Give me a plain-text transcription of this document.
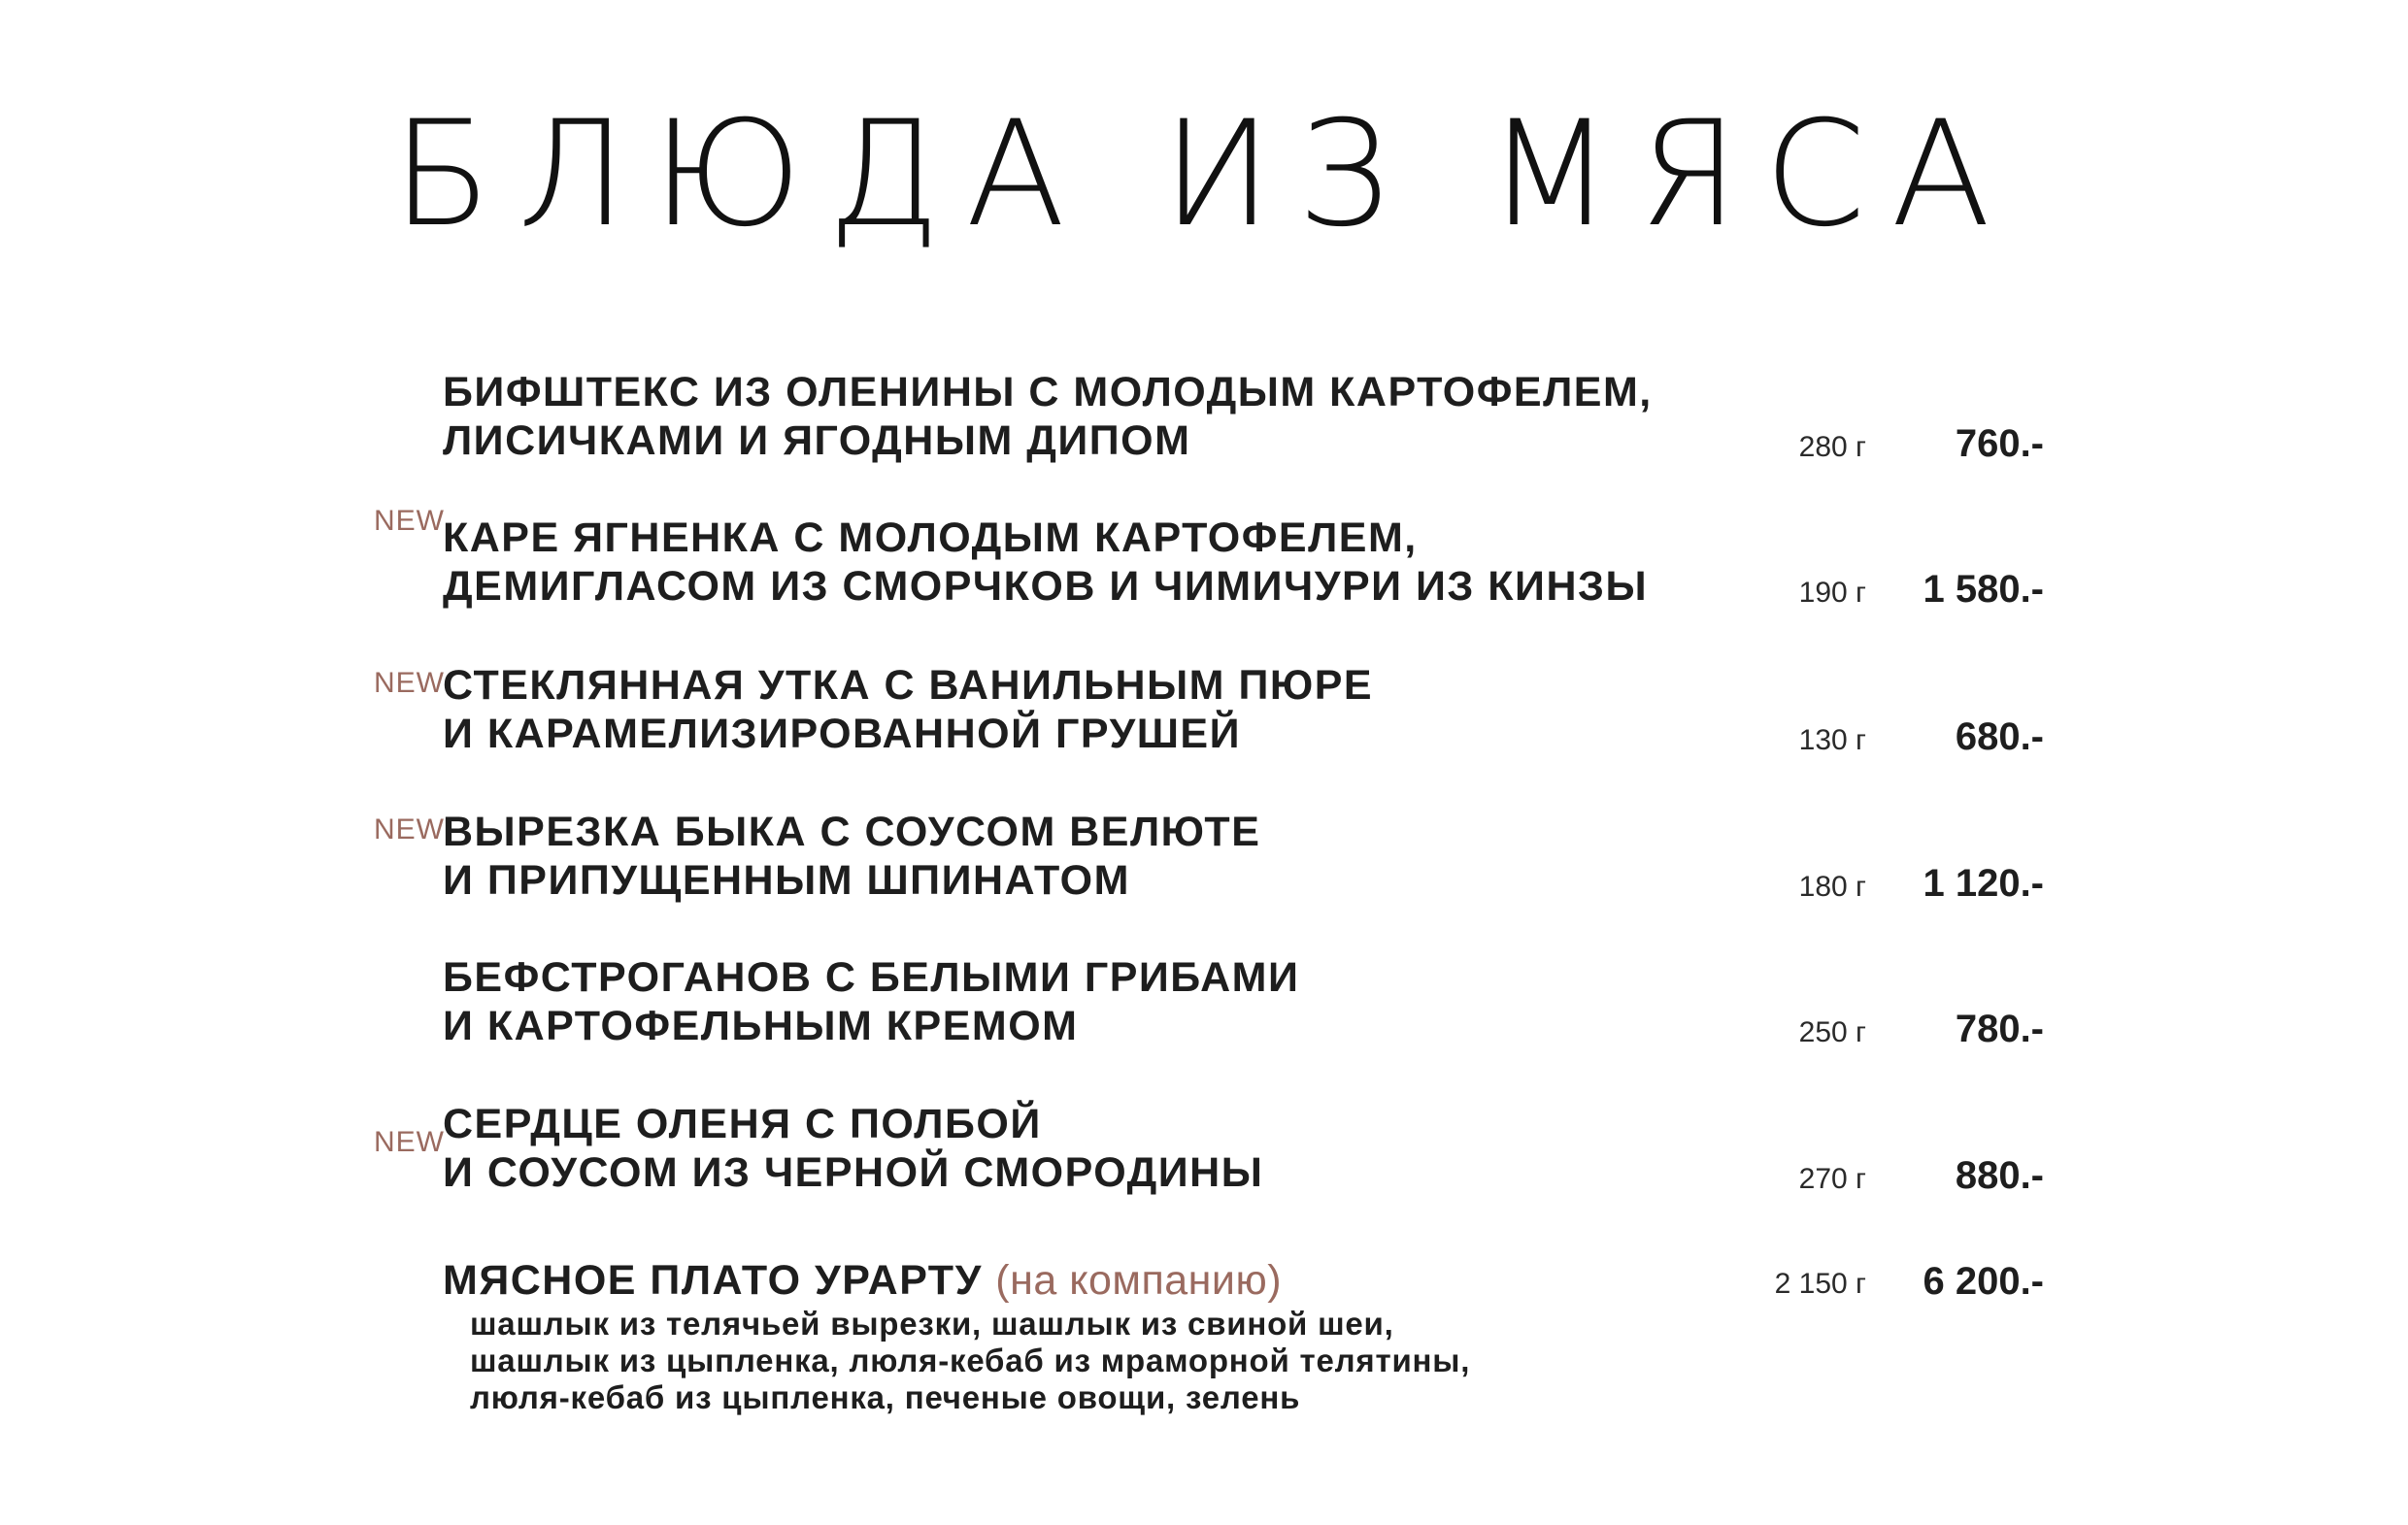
БЛЮДА ИЗ МЯСА
БИФШТЕКС ИЗ ОЛЕНИНЫ С МОЛОДЫМ КАРТОФЕЛЕМ,
ЛИСИЧКАМИ И ЯГОДНЫМ ДИПОМ	280 г 760.-
NEW
КАРЕ ЯГНЕНКА С МОЛОДЫМ КАРТОФЕЛЕМ,
ДЕМИГЛАСОМ ИЗ СМОРЧКОВ И ЧИМИЧУРИ ИЗ КИНЗЫ	190 г 1 580.-
NEW
СТЕКЛЯННАЯ УТКА С ВАНИЛЬНЫМ ПЮРЕ
И КАРАМЕЛИЗИРОВАННОЙ ГРУШЕЙ	130 г 680.-
NEW
ВЫРЕЗКА БЫКА С СОУСОМ ВЕЛЮТЕ
И ПРИПУЩЕННЫМ ШПИНАТОМ	180 г 1 120.-
БЕФСТРОГАНОВ С БЕЛЫМИ ГРИБАМИ
И КАРТОФЕЛЬНЫМ КРЕМОМ	250 г 780.-
NEW
СЕРДЦЕ ОЛЕНЯ С ПОЛБОЙ
И СОУСОМ ИЗ ЧЕРНОЙ СМОРОДИНЫ	270 г 880.-
МЯСНОЕ ПЛАТО УРАРТУ (на компанию)	2 150 г 6 200.-
шашлык из телячьей вырезки, шашлык из свиной шеи,
шашлык из цыпленка, люля-кебаб из мраморной телятины,
люля-кебаб из цыпленка, печеные овощи, зелень
